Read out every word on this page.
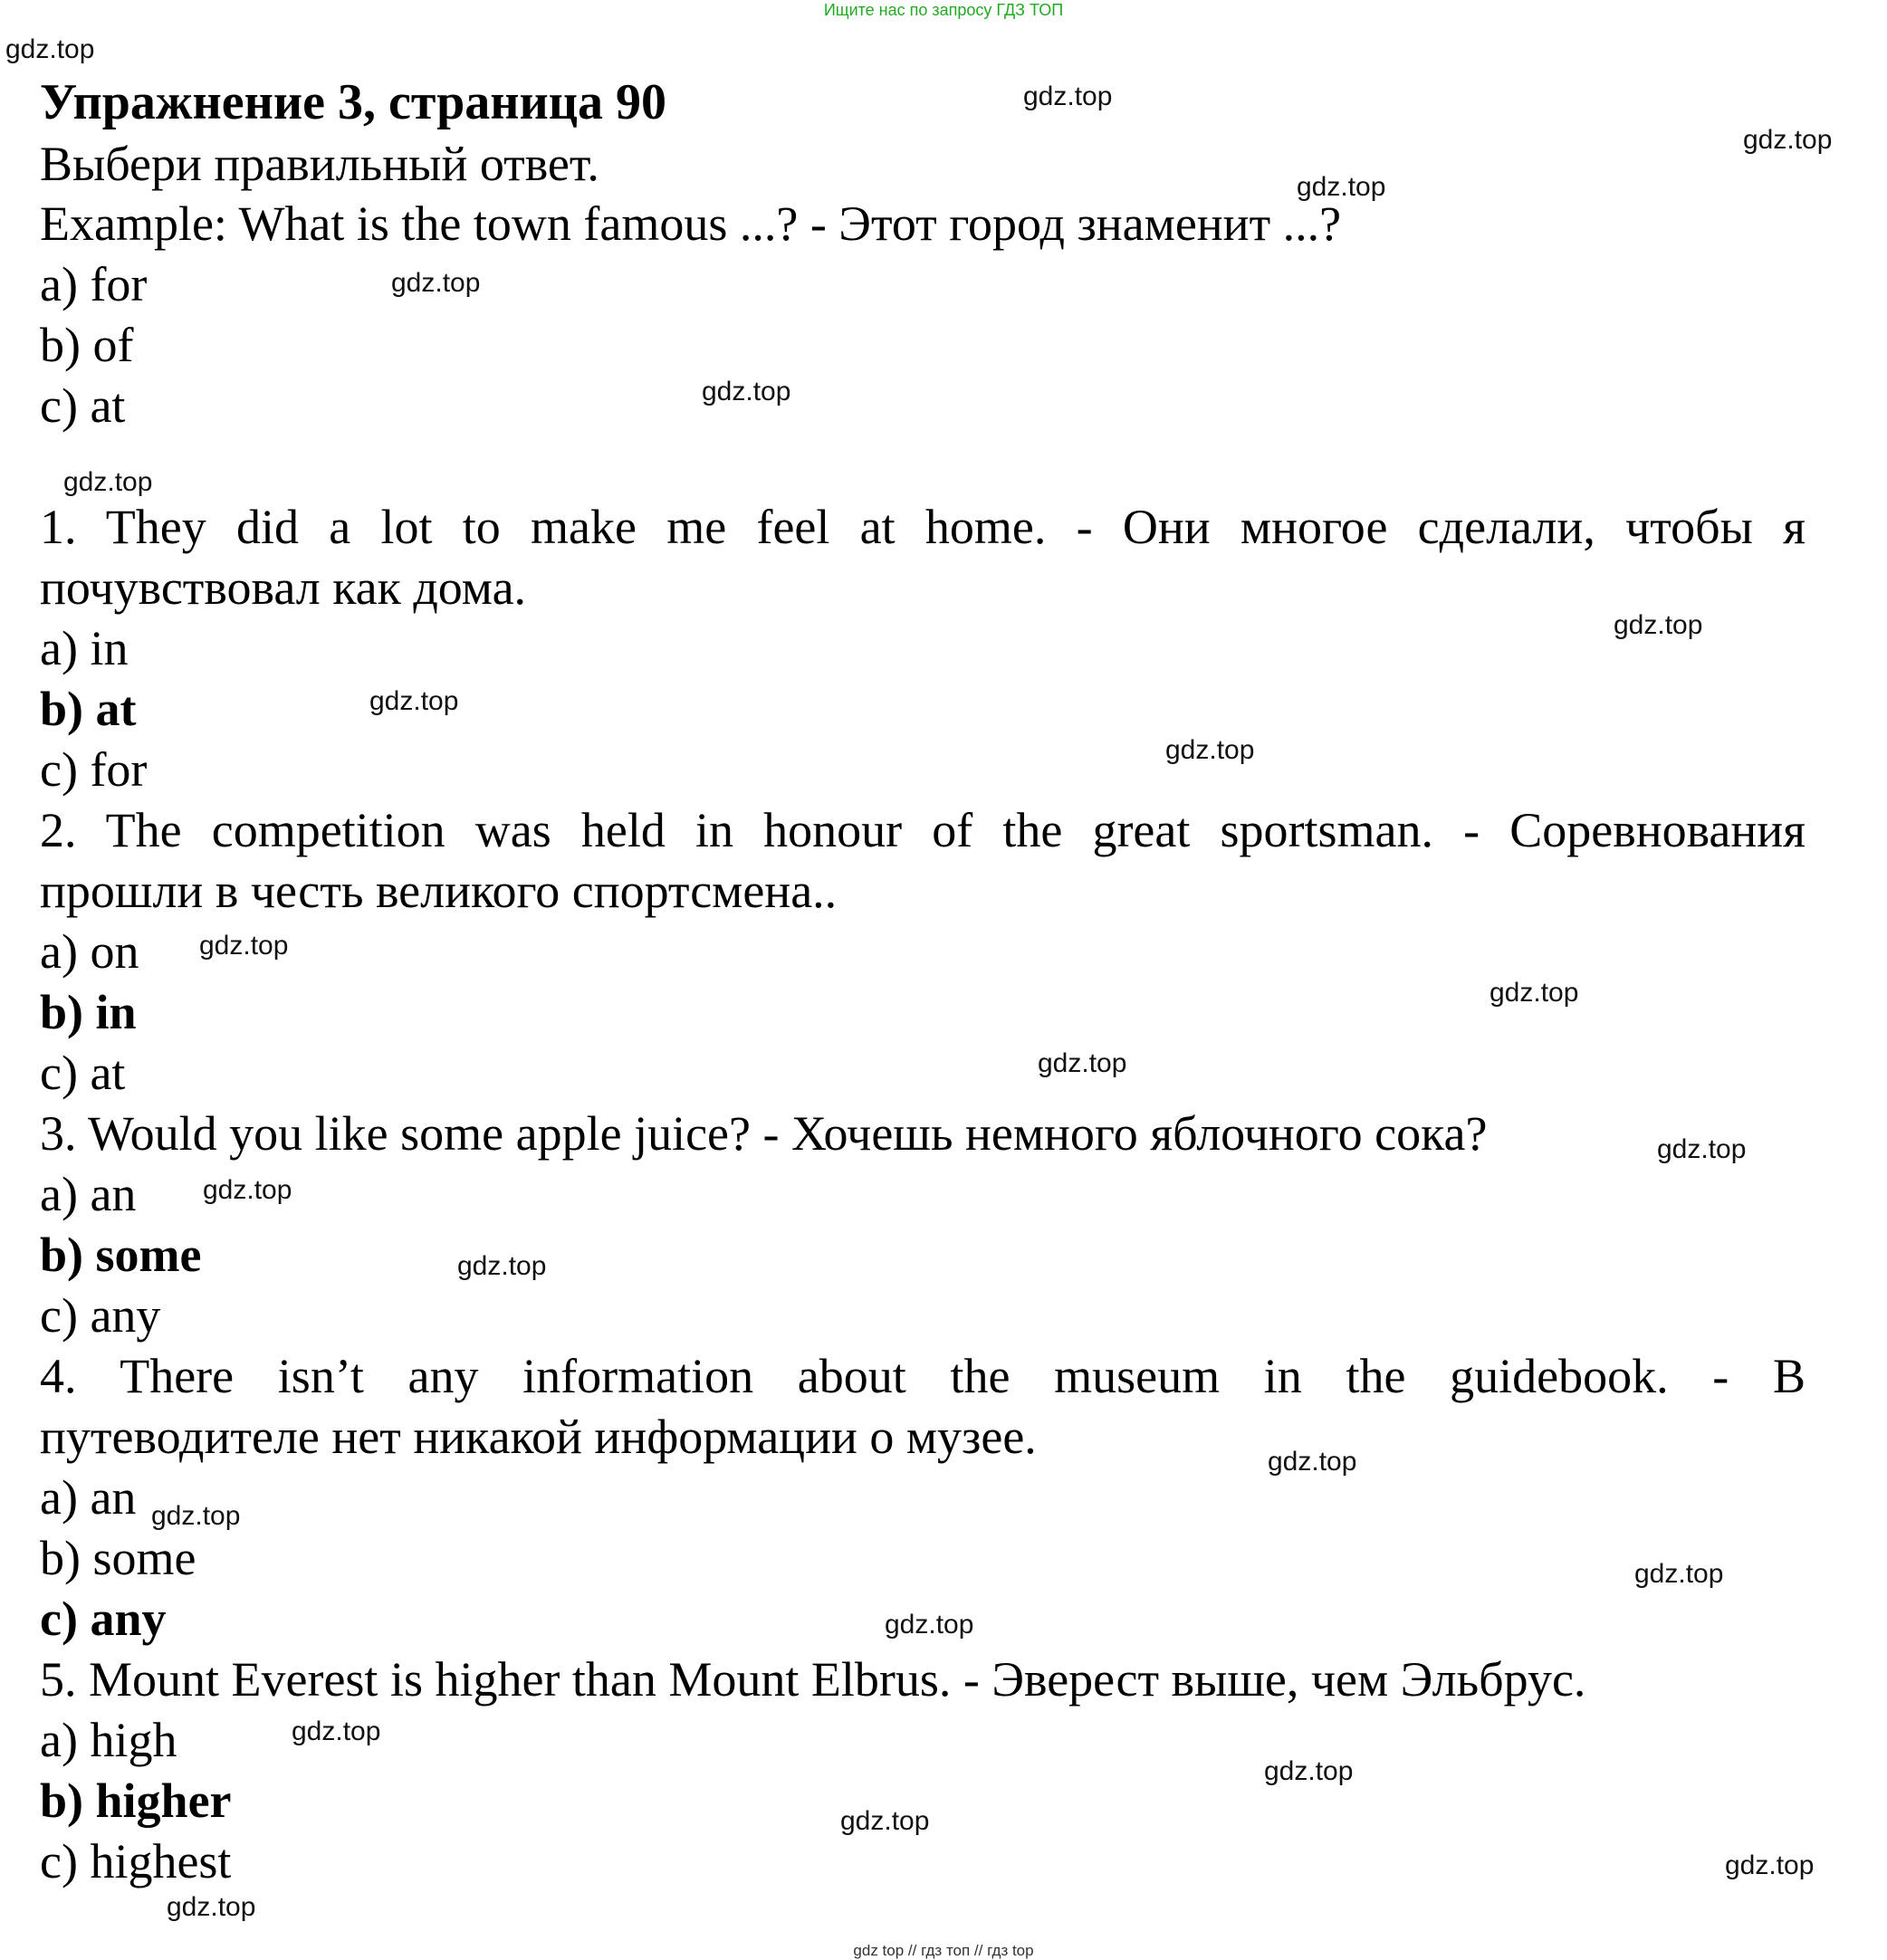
Ищите нас по запросу ГДЗ ТОП
gdz.top
gdz.top
gdz.top
gdz.top
gdz.top
gdz.top
gdz.top
gdz.top
gdz.top
gdz.top
gdz.top
gdz.top
gdz.top
gdz.top
gdz.top
gdz.top
gdz.top
gdz.top
gdz.top
gdz.top
gdz.top
gdz.top
gdz.top
gdz.top
gdz.top
Упражнение 3, страница 90
Выбери правильный ответ.
Example: What is the town famous ...? - Этот город знаменит ...?
a) for
b) of
c) at
1. They did a lot to make me feel at home. - Они многое сделали, чтобы я
почувствовал как дома.
a) in
b) at
c) for
2. The competition was held in honour of the great sportsman. - Соревнования
прошли в честь великого спортсмена..
a) on
b) in
c) at
3. Would you like some apple juice? - Хочешь немного яблочного сока?
a) an
b) some
c) any
4. There isn’t any information about the museum in the guidebook. - В
путеводителе нет никакой информации о музее.
a) an
b) some
c) any
5. Mount Everest is higher than Mount Elbrus. - Эверест выше, чем Эльбрус.
a) high
b) higher
c) highest
gdz top // гдз топ // гдз top
